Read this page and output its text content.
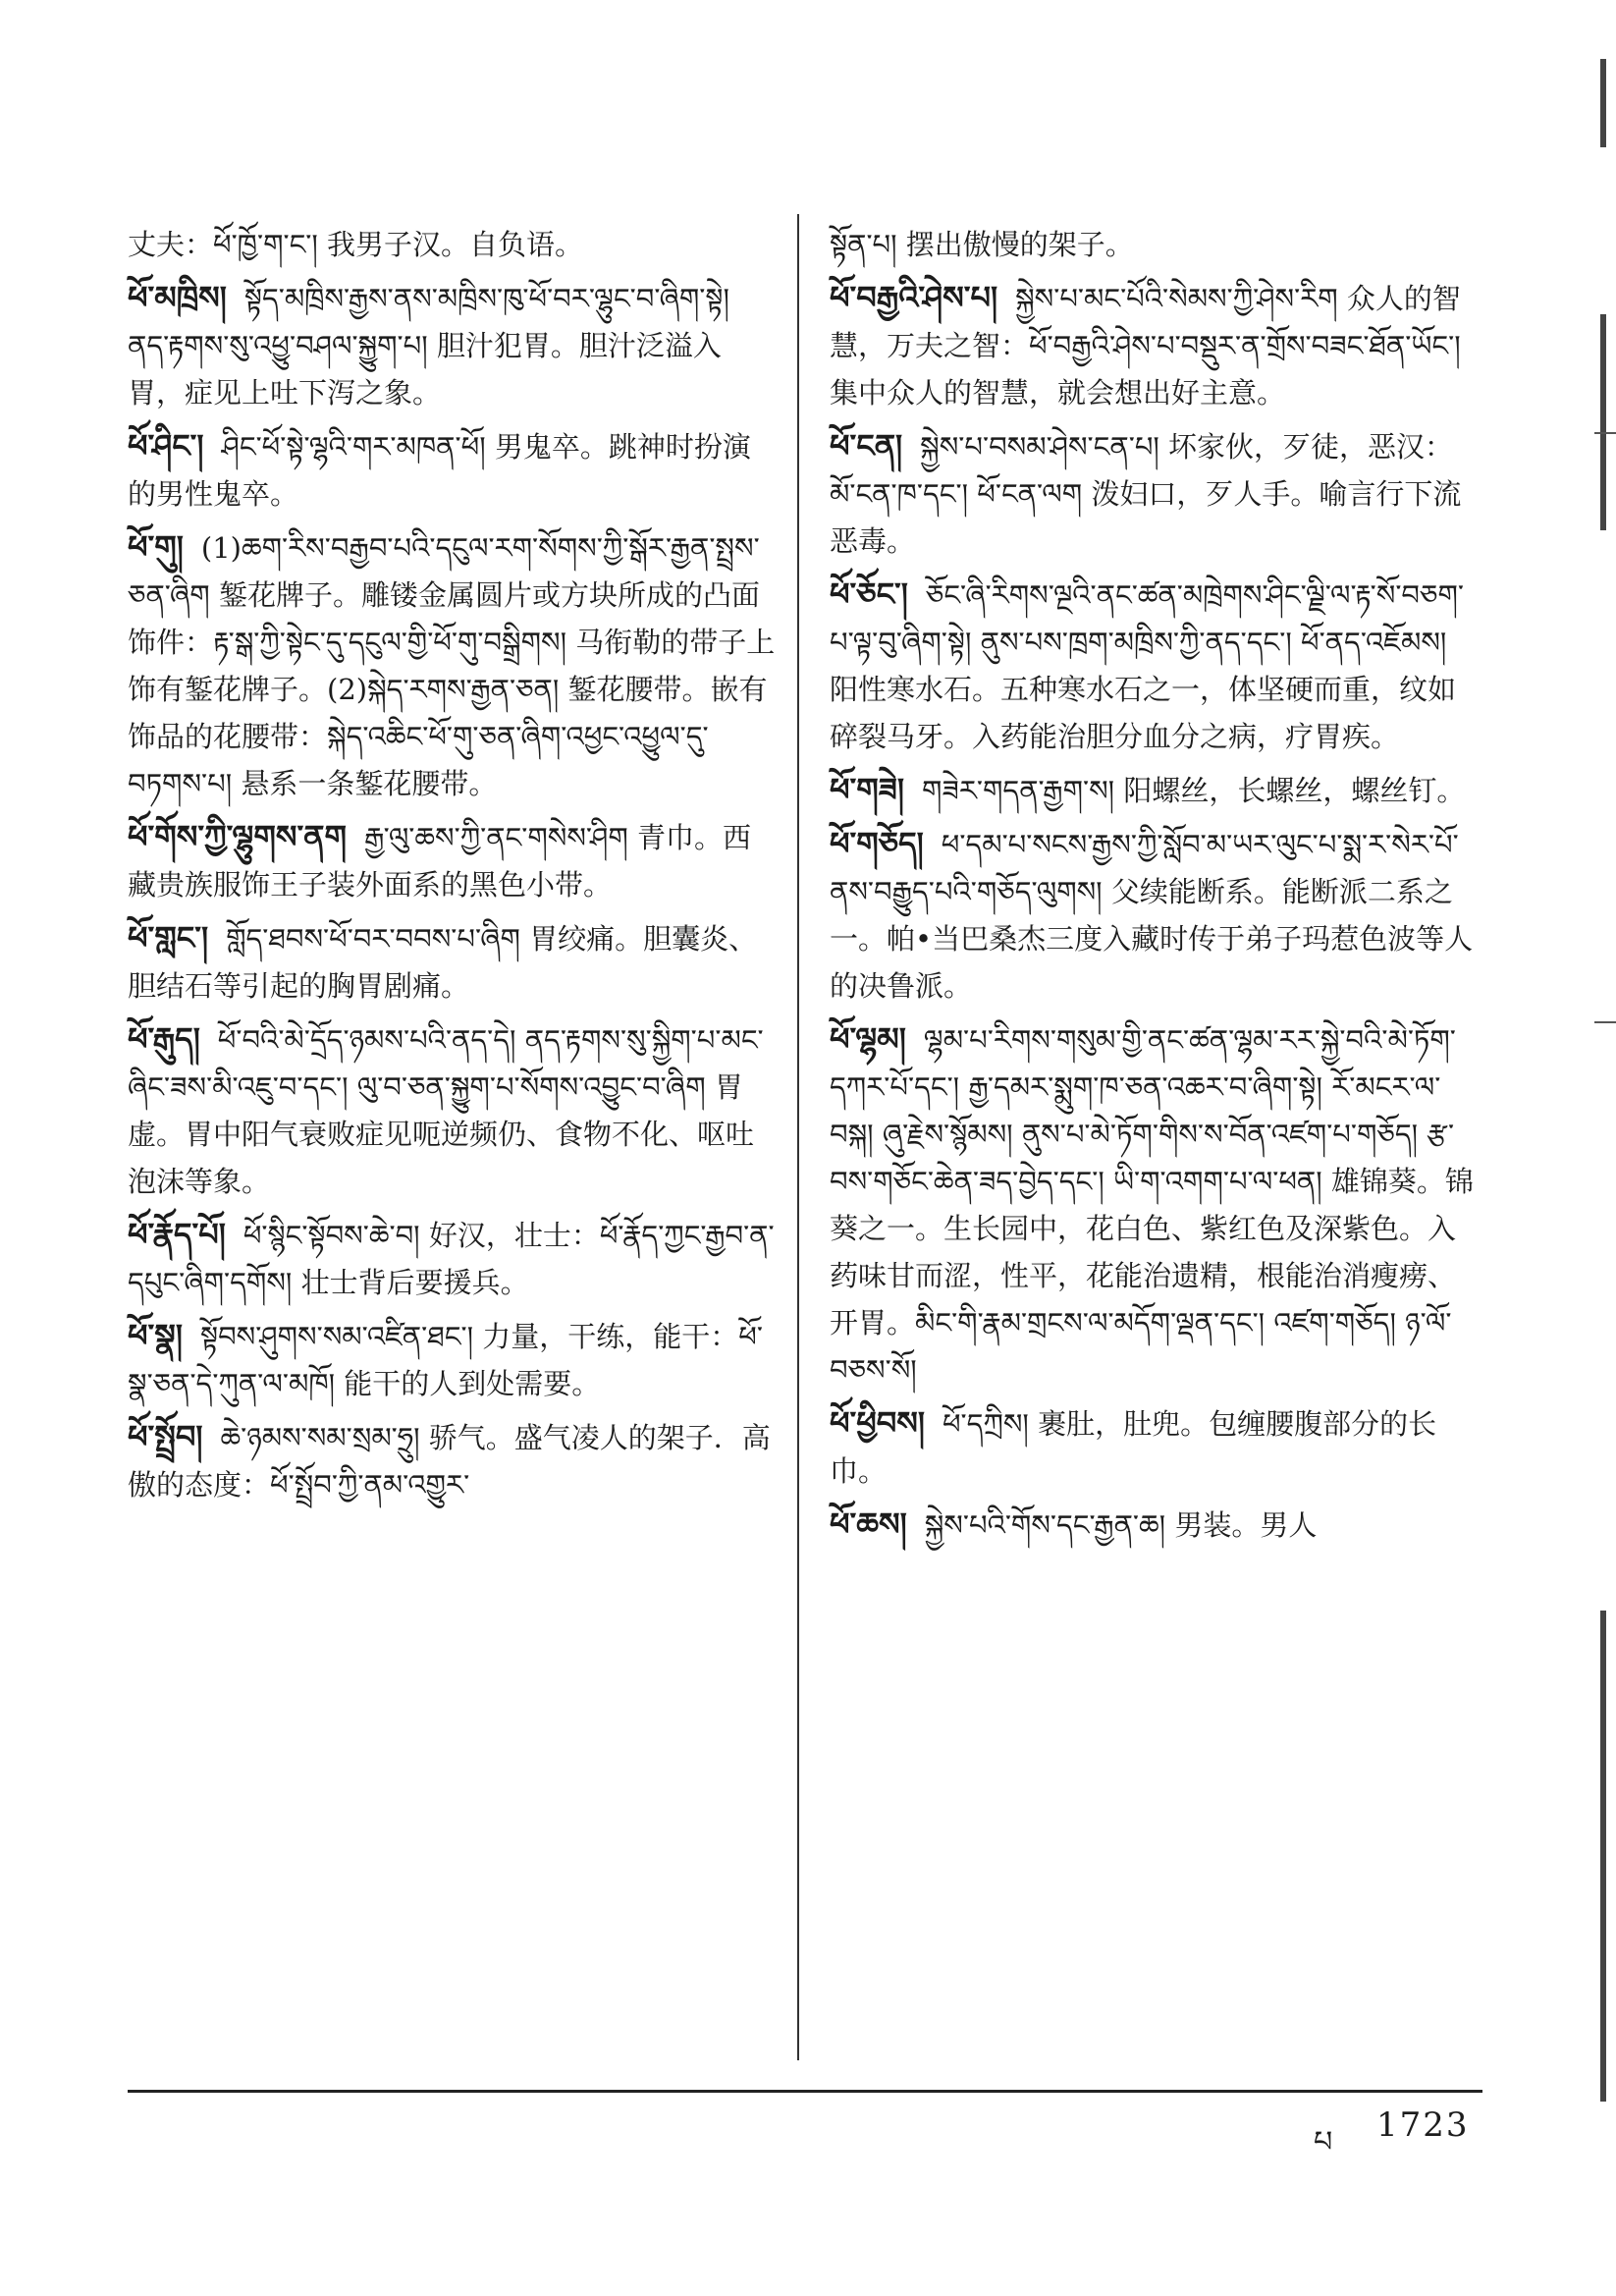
丈夫：ཕོ་ཁྱོ་ག་ང་། 我男子汉。自负语。

ཕོ་མཁྲིས། སྟོད་མཁྲིས་རྒྱས་ནས་མཁྲིས་ཁུ་ཕོ་བར་ལྷུང་བ་ཞིག་སྟེ། ནད་རྟགས་སུ་འཕྱུ་བཤལ་སྐྱུག་པ། 胆汁犯胃。胆汁泛溢入胃，症见上吐下泻之象。

ཕོ་ཤིང་། ཤིང་ཕོ་སྟེ་ལྷའི་གར་མཁན་ཕོ། 男鬼卒。跳神时扮演的男性鬼卒。

ཕོ་གུ། (1)ཆག་རིས་བརྒྱབ་པའི་དངུལ་རག་སོགས་ཀྱི་སྒོར་རྒྱན་སྤྲས་ཅན་ཞིག 錾花牌子。雕镂金属圆片或方块所成的凸面饰件：རྟ་སྒ་ཀྱི་སྟེང་དུ་དངུལ་གྱི་ཕོ་གུ་བསྒྲིགས། 马衔勒的带子上饰有錾花牌子。(2)སྐེད་རགས་རྒྱན་ཅན། 錾花腰带。嵌有饰品的花腰带：སྐེད་འཆིང་ཕོ་གུ་ཅན་ཞིག་འཕྱང་འཕྱུལ་དུ་བཏགས་པ། 悬系一条錾花腰带。

ཕོ་གོས་ཀྱི་ལྷུགས་ནག རྒྱ་ལུ་ཆས་ཀྱི་ནང་གསེས་ཤིག 青巾。西藏贵族服饰王子装外面系的黑色小带。

ཕོ་གླང་། གློད་ཐབས་ཕོ་བར་བབས་པ་ཞིག 胃绞痛。胆囊炎、胆结石等引起的胸胃剧痛。

ཕོ་རྒུད། ཕོ་བའི་མེ་དྲོད་ཉམས་པའི་ནད་དེ། ནད་རྟགས་སུ་སྐྱིག་པ་མང་ཞིང་ཟས་མི་འཇུ་བ་དང་། ལུ་བ་ཅན་སྐྱུག་པ་སོགས་འབྱུང་བ་ཞིག 胃虚。胃中阳气衰败症见呃逆频仍、食物不化、呕吐泡沫等象。

ཕོ་རྣོད་པོ། ཕོ་སྙིང་སྟོབས་ཆེ་བ། 好汉，壮士：ཕོ་རྣོད་ཀྱང་རྒྱབ་ན་དཔུང་ཞིག་དགོས། 壮士背后要援兵。

ཕོ་སྣ། སྟོབས་ཤུགས་སམ་འཛིན་ཐང་། 力量，干练，能干：ཕོ་སྣ་ཅན་དེ་ཀུན་ལ་མཁོ། 能干的人到处需要。

ཕོ་སྤྲོབ། ཆེ་ཉམས་སམ་སྲམ་ཧྲུ། 骄气。盛气凌人的架子．高傲的态度：ཕོ་སྤྲོབ་ཀྱི་ནམ་འགྱུར་

སྟོན་པ། 摆出傲慢的架子。

ཕོ་བརྒྱའི་ཤེས་པ། སྐྱེས་པ་མང་པོའི་སེམས་ཀྱི་ཤེས་རིག 众人的智慧，万夫之智：ཕོ་བརྒྱའི་ཤེས་པ་བསྡུར་ན་གྲོས་བཟང་ཐོན་ཡོང་། 集中众人的智慧，就会想出好主意。

ཕོ་ངན། སྐྱེས་པ་བསམ་ཤེས་ངན་པ། 坏家伙，歹徒，恶汉：མོ་ངན་ཁ་དང་། ཕོ་ངན་ལག 泼妇口，歹人手。喻言行下流恶毒。

ཕོ་ཅོང་། ཅོང་ཞི་རིགས་ལྔའི་ནང་ཚན་མཁྲེགས་ཤིང་ལྗི་ལ་རྟ་སོ་བཅག་པ་ལྟ་བུ་ཞིག་སྟེ། ནུས་པས་ཁྲག་མཁྲིས་ཀྱི་ནད་དང་། ཕོ་ནད་འཇོམས། 阳性寒水石。五种寒水石之一，体坚硬而重，纹如碎裂马牙。入药能治胆分血分之病，疗胃疾。

ཕོ་གཟེ། གཟེར་གདན་རྒྱག་ས། 阳螺丝，长螺丝，螺丝钉。

ཕོ་གཅོད། ཕ་དམ་པ་སངས་རྒྱས་ཀྱི་སློབ་མ་ཡར་ལུང་པ་སྨ་ར་སེར་པོ་ནས་བརྒྱུད་པའི་གཅོད་ལུགས། 父续能断系。能断派二系之一。帕•当巴桑杰三度入藏时传于弟子玛惹色波等人的决鲁派。

ཕོ་ལྷམ། ལྷམ་པ་རིགས་གསུམ་གྱི་ནང་ཚན་ལྷམ་རར་སྐྱེ་བའི་མེ་ཏོག་དཀར་པོ་དང་། རྒྱ་དམར་སྨུག་ཁ་ཅན་འཆར་བ་ཞིག་སྟེ། རོ་མངར་ལ་བསྐ། ཞུ་རྗེས་སྙོམས། ནུས་པ་མེ་ཏོག་གིས་ས་བོན་འཛག་པ་གཅོད། རྩ་བས་གཅོང་ཆེན་ཟད་བྱེད་དང་། ཡི་ག་འགག་པ་ལ་ཕན། 雄锦葵。锦葵之一。生长园中，花白色、紫红色及深紫色。入药味甘而涩，性平，花能治遗精，根能治消瘦痨、开胃。མིང་གི་རྣམ་གྲངས་ལ་མདོག་ལྡན་དང་། འཛག་གཅོད། ཉ་ལོ་བཅས་སོ།

ཕོ་ཕྱིབས། ཕོ་དཀྲིས། 裹肚，肚兜。包缠腰腹部分的长巾。

ཕོ་ཆས། སྐྱེས་པའི་གོས་དང་རྒྱན་ཆ། 男装。男人

པ 1723
